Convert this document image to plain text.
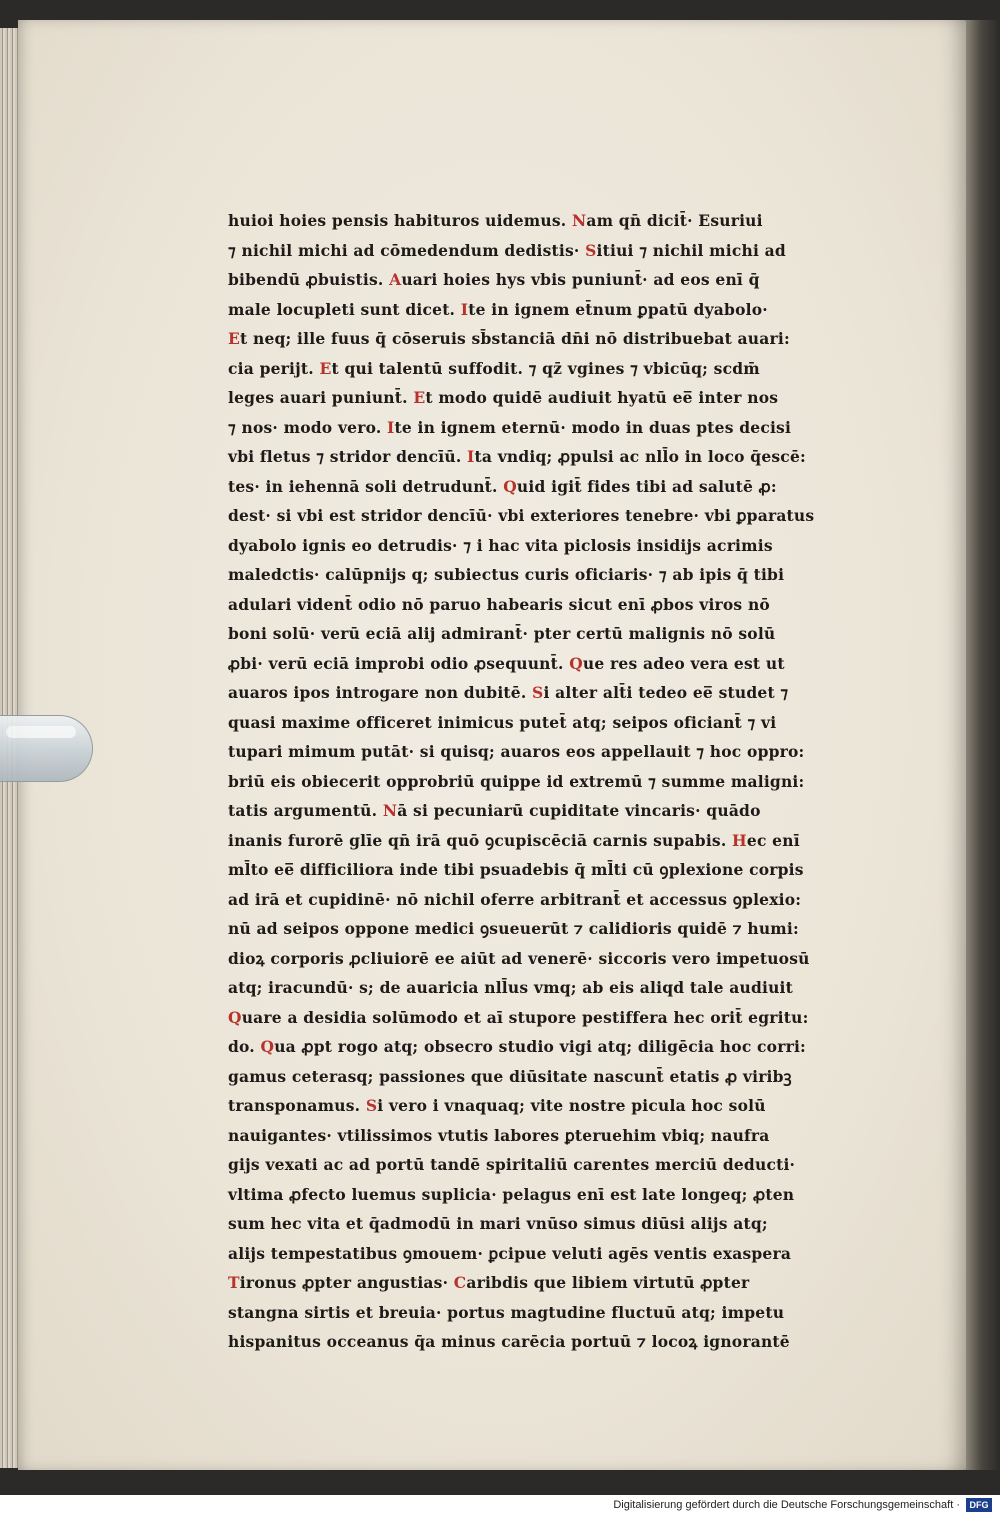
huioi hoies pensis habituros uidemus. Nam qn̄ dicit̄· Esuriui
⁊ nichil michi ad cōmedendum dedistis· Sitiui ⁊ nichil michi ad
bibendū ꝓbuistis. Auari hoies hys vbis puniunt̄· ad eos enī q̄
male locupleti sunt dicet. Ite in ignem et̄num ꝑpatū dyabolo·
Et neq; ille fuus q̄ cōseruis sb̄stanciā dn̄i nō distribuebat auari:
cia perijt. Et qui talentū suffodit. ⁊ qz̄ vgines ⁊ vbicūq; scdm̄
leges auari puniunt̄. Et modo quidē audiuit hyatū ee̅ inter nos
⁊ nos· modo vero. Ite in ignem eternū· modo in duas ptes decisi
vbi fletus ⁊ stridor dencīū. Ita vndiq; ꝓpulsi ac nll̄o in loco q̄escē:
tes· in iehennā soli detrudunt̄. Quid igit̄ fides tibi ad salutē ꝓ:
dest· si vbi est stridor dencīū· vbi exteriores tenebre· vbi ꝑparatus
dyabolo ignis eo detrudis· ⁊ i hac vita piclosis insidijs acrimis
maledctis· calūpnijs q; subiectus curis oficiaris· ⁊ ab ipis q̄ tibi
adulari vident̄ odio nō paruo habearis sicut enī ꝓbos viros nō
boni solū· verū eciā alij admirant̄· pter certū malignis nō solū
ꝓbi· verū eciā improbi odio ꝓsequunt̄. Que res adeo vera est ut
auaros ipos introgare non dubitē. Si alter alt̄i tedeo ee̅ studet ⁊
quasi maxime officeret inimicus putet̄ atq; seipos oficiant̄ ⁊ vi
tupari mimum putāt· si quisq; auaros eos appellauit ⁊ hoc oppro:
briū eis obiecerit opprobriū quippe id extremū ⁊ summe maligni:
tatis argumentū. Nā si pecuniarū cupiditate vincaris· quādo
inanis furorē glīe qn̄ irā quō ꝯcupiscēciā carnis supabis. Hec enī
ml̄to ee̅ difficiliora inde tibi psuadebis q̄ ml̄ti cū ꝯplexione corpis
ad irā et cupidinē· nō nichil oferre arbitrant̄ et accessus ꝯplexio:
nū ad seipos oppone medici ꝯsueuerūt ⁊ calidioris quidē ⁊ humi:
dioꝝ corporis ꝓcliuiorē ee aiūt ad venerē· siccoris vero impetuosū
atq; iracundū· s; de auaricia nll̄us vmq; ab eis aliqd tale audiuit
Quare a desidia solūmodo et aī stupore pestiffera hec orit̄ egritu:
do. Qua ꝓpt rogo atq; obsecro studio vigi atq; diligēcia hoc corri:
gamus ceterasq; passiones que diūsitate nascunt̄ etatis ꝓ viribꝫ
transponamus. Si vero i vnaquaq; vite nostre picula hoc solū
nauigantes· vtilissimos vtutis labores ꝑteruehim vbiq; naufra
gijs vexati ac ad portū tandē spiritaliū carentes merciū deducti·
vltima ꝓfecto luemus suplicia· pelagus enī est late longeq; ꝓten
sum hec vita et q̄admodū in mari vnūso simus diūsi alijs atq;
alijs tempestatibus ꝯmouem· ꝑcipue veluti agēs ventis exaspera
Tironus ꝓpter angustias· Caribdis que libiem virtutū ꝓpter
stangna sirtis et breuia· portus magtudine fluctuū atq; impetu
hispanitus occeanus q̄a minus carēcia portuū ⁊ locoꝝ ignorantē
Digitalisierung gefördert durch die Deutsche Forschungsgemeinschaft ·	DFG
